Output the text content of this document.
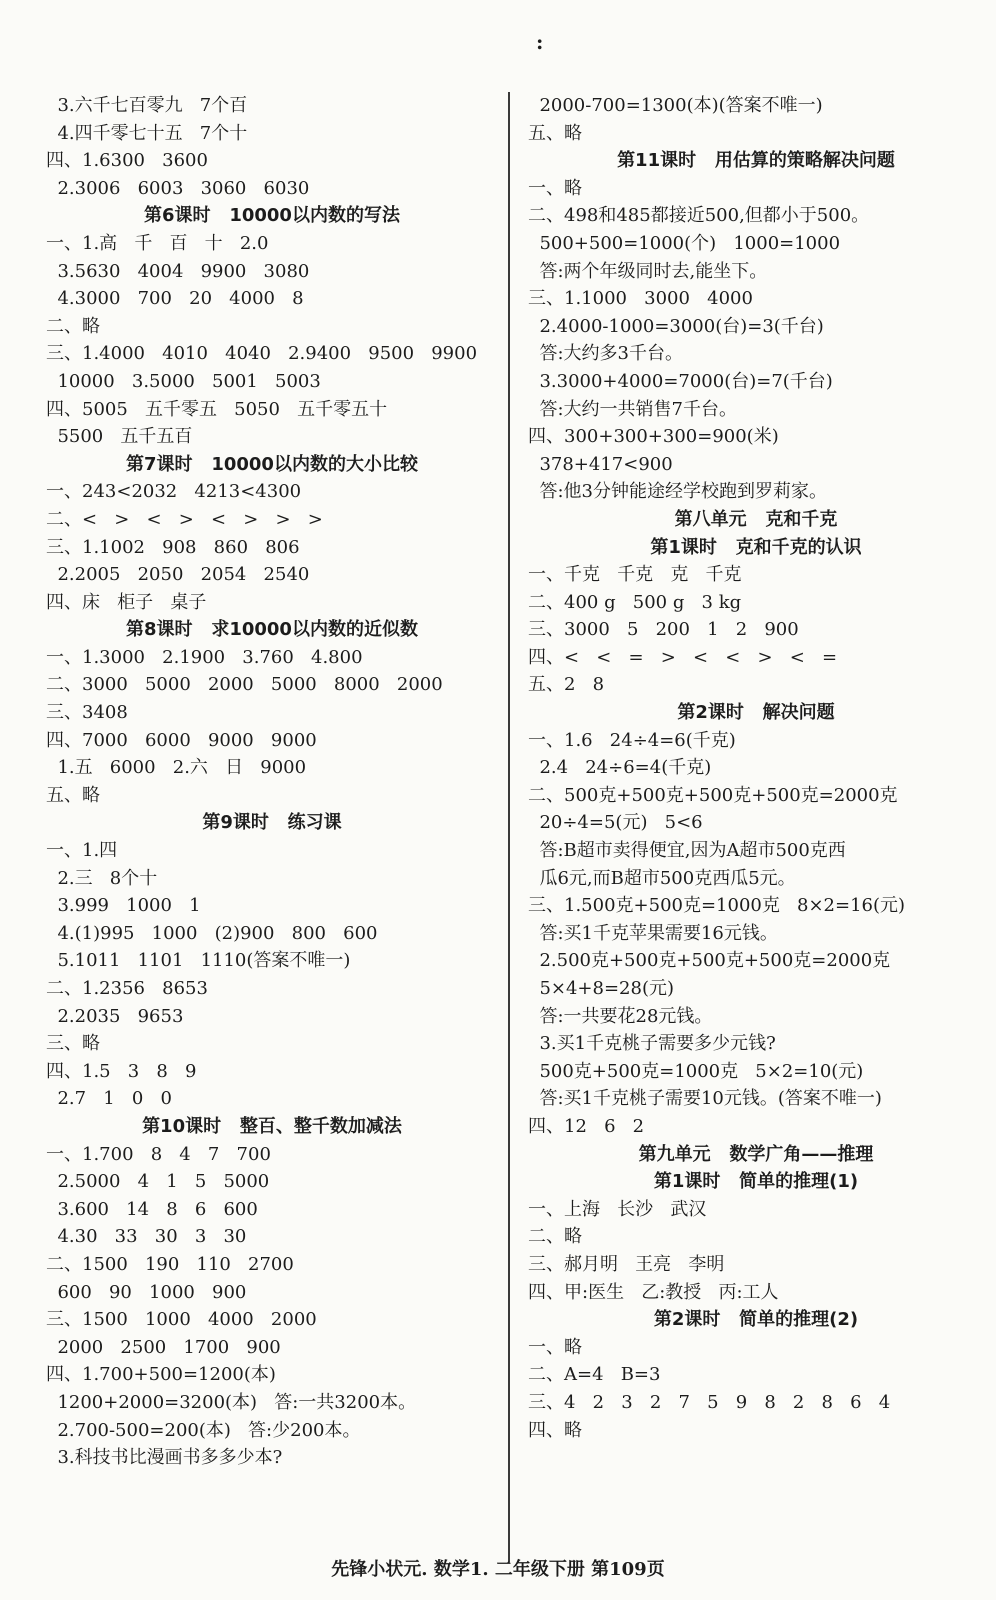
:
3.六千七百零九   7个百
4.四千零七十五   7个十
四、1.6300   3600
2.3006   6003   3060   6030
第6课时   10000以内数的写法
一、1.高   千   百   十   2.0
3.5630   4004   9900   3080
4.3000   700   20   4000   8
二、略
三、1.4000   4010   4040   2.9400   9500   9900
10000   3.5000   5001   5003
四、5005   五千零五   5050   五千零五十
5500   五千五百
第7课时   10000以内数的大小比较
一、243<2032   4213<4300
二、<   >   <   >   <   >   >   >
三、1.1002   908   860   806
2.2005   2050   2054   2540
四、床   柜子   桌子
第8课时   求10000以内数的近似数
一、1.3000   2.1900   3.760   4.800
二、3000   5000   2000   5000   8000   2000
三、3408
四、7000   6000   9000   9000
1.五   6000   2.六   日   9000
五、略
第9课时   练习课
一、1.四
2.三   8个十
3.999   1000   1
4.(1)995   1000   (2)900   800   600
5.1011   1101   1110(答案不唯一)
二、1.2356   8653
2.2035   9653
三、略
四、1.5   3   8   9
2.7   1   0   0
第10课时   整百、整千数加减法
一、1.700   8   4   7   700
2.5000   4   1   5   5000
3.600   14   8   6   600
4.30   33   30   3   30
二、1500   190   110   2700
600   90   1000   900
三、1500   1000   4000   2000
2000   2500   1700   900
四、1.700+500=1200(本)
1200+2000=3200(本)   答:一共3200本。
2.700-500=200(本)   答:少200本。
3.科技书比漫画书多多少本?
2000-700=1300(本)(答案不唯一)
五、略
第11课时   用估算的策略解决问题
一、略
二、498和485都接近500,但都小于500。
500+500=1000(个)   1000=1000
答:两个年级同时去,能坐下。
三、1.1000   3000   4000
2.4000-1000=3000(台)=3(千台)
答:大约多3千台。
3.3000+4000=7000(台)=7(千台)
答:大约一共销售7千台。
四、300+300+300=900(米)
378+417<900
答:他3分钟能途经学校跑到罗莉家。
第八单元   克和千克
第1课时   克和千克的认识
一、千克   千克   克   千克
二、400 g   500 g   3 kg
三、3000   5   200   1   2   900
四、<   <   =   >   <   <   >   <   =
五、2   8
第2课时   解决问题
一、1.6   24÷4=6(千克)
2.4   24÷6=4(千克)
二、500克+500克+500克+500克=2000克
20÷4=5(元)   5<6
答:B超市卖得便宜,因为A超市500克西
瓜6元,而B超市500克西瓜5元。
三、1.500克+500克=1000克   8×2=16(元)
答:买1千克苹果需要16元钱。
2.500克+500克+500克+500克=2000克
5×4+8=28(元)
答:一共要花28元钱。
3.买1千克桃子需要多少元钱?
500克+500克=1000克   5×2=10(元)
答:买1千克桃子需要10元钱。(答案不唯一)
四、12   6   2
第九单元   数学广角——推理
第1课时   简单的推理(1)
一、上海   长沙   武汉
二、略
三、郝月明   王亮   李明
四、甲:医生   乙:教授   丙:工人
第2课时   简单的推理(2)
一、略
二、A=4   B=3
三、4   2   3   2   7   5   9   8   2   8   6   4
四、略
先锋小状元. 数学1. 二年级下册 第109页
